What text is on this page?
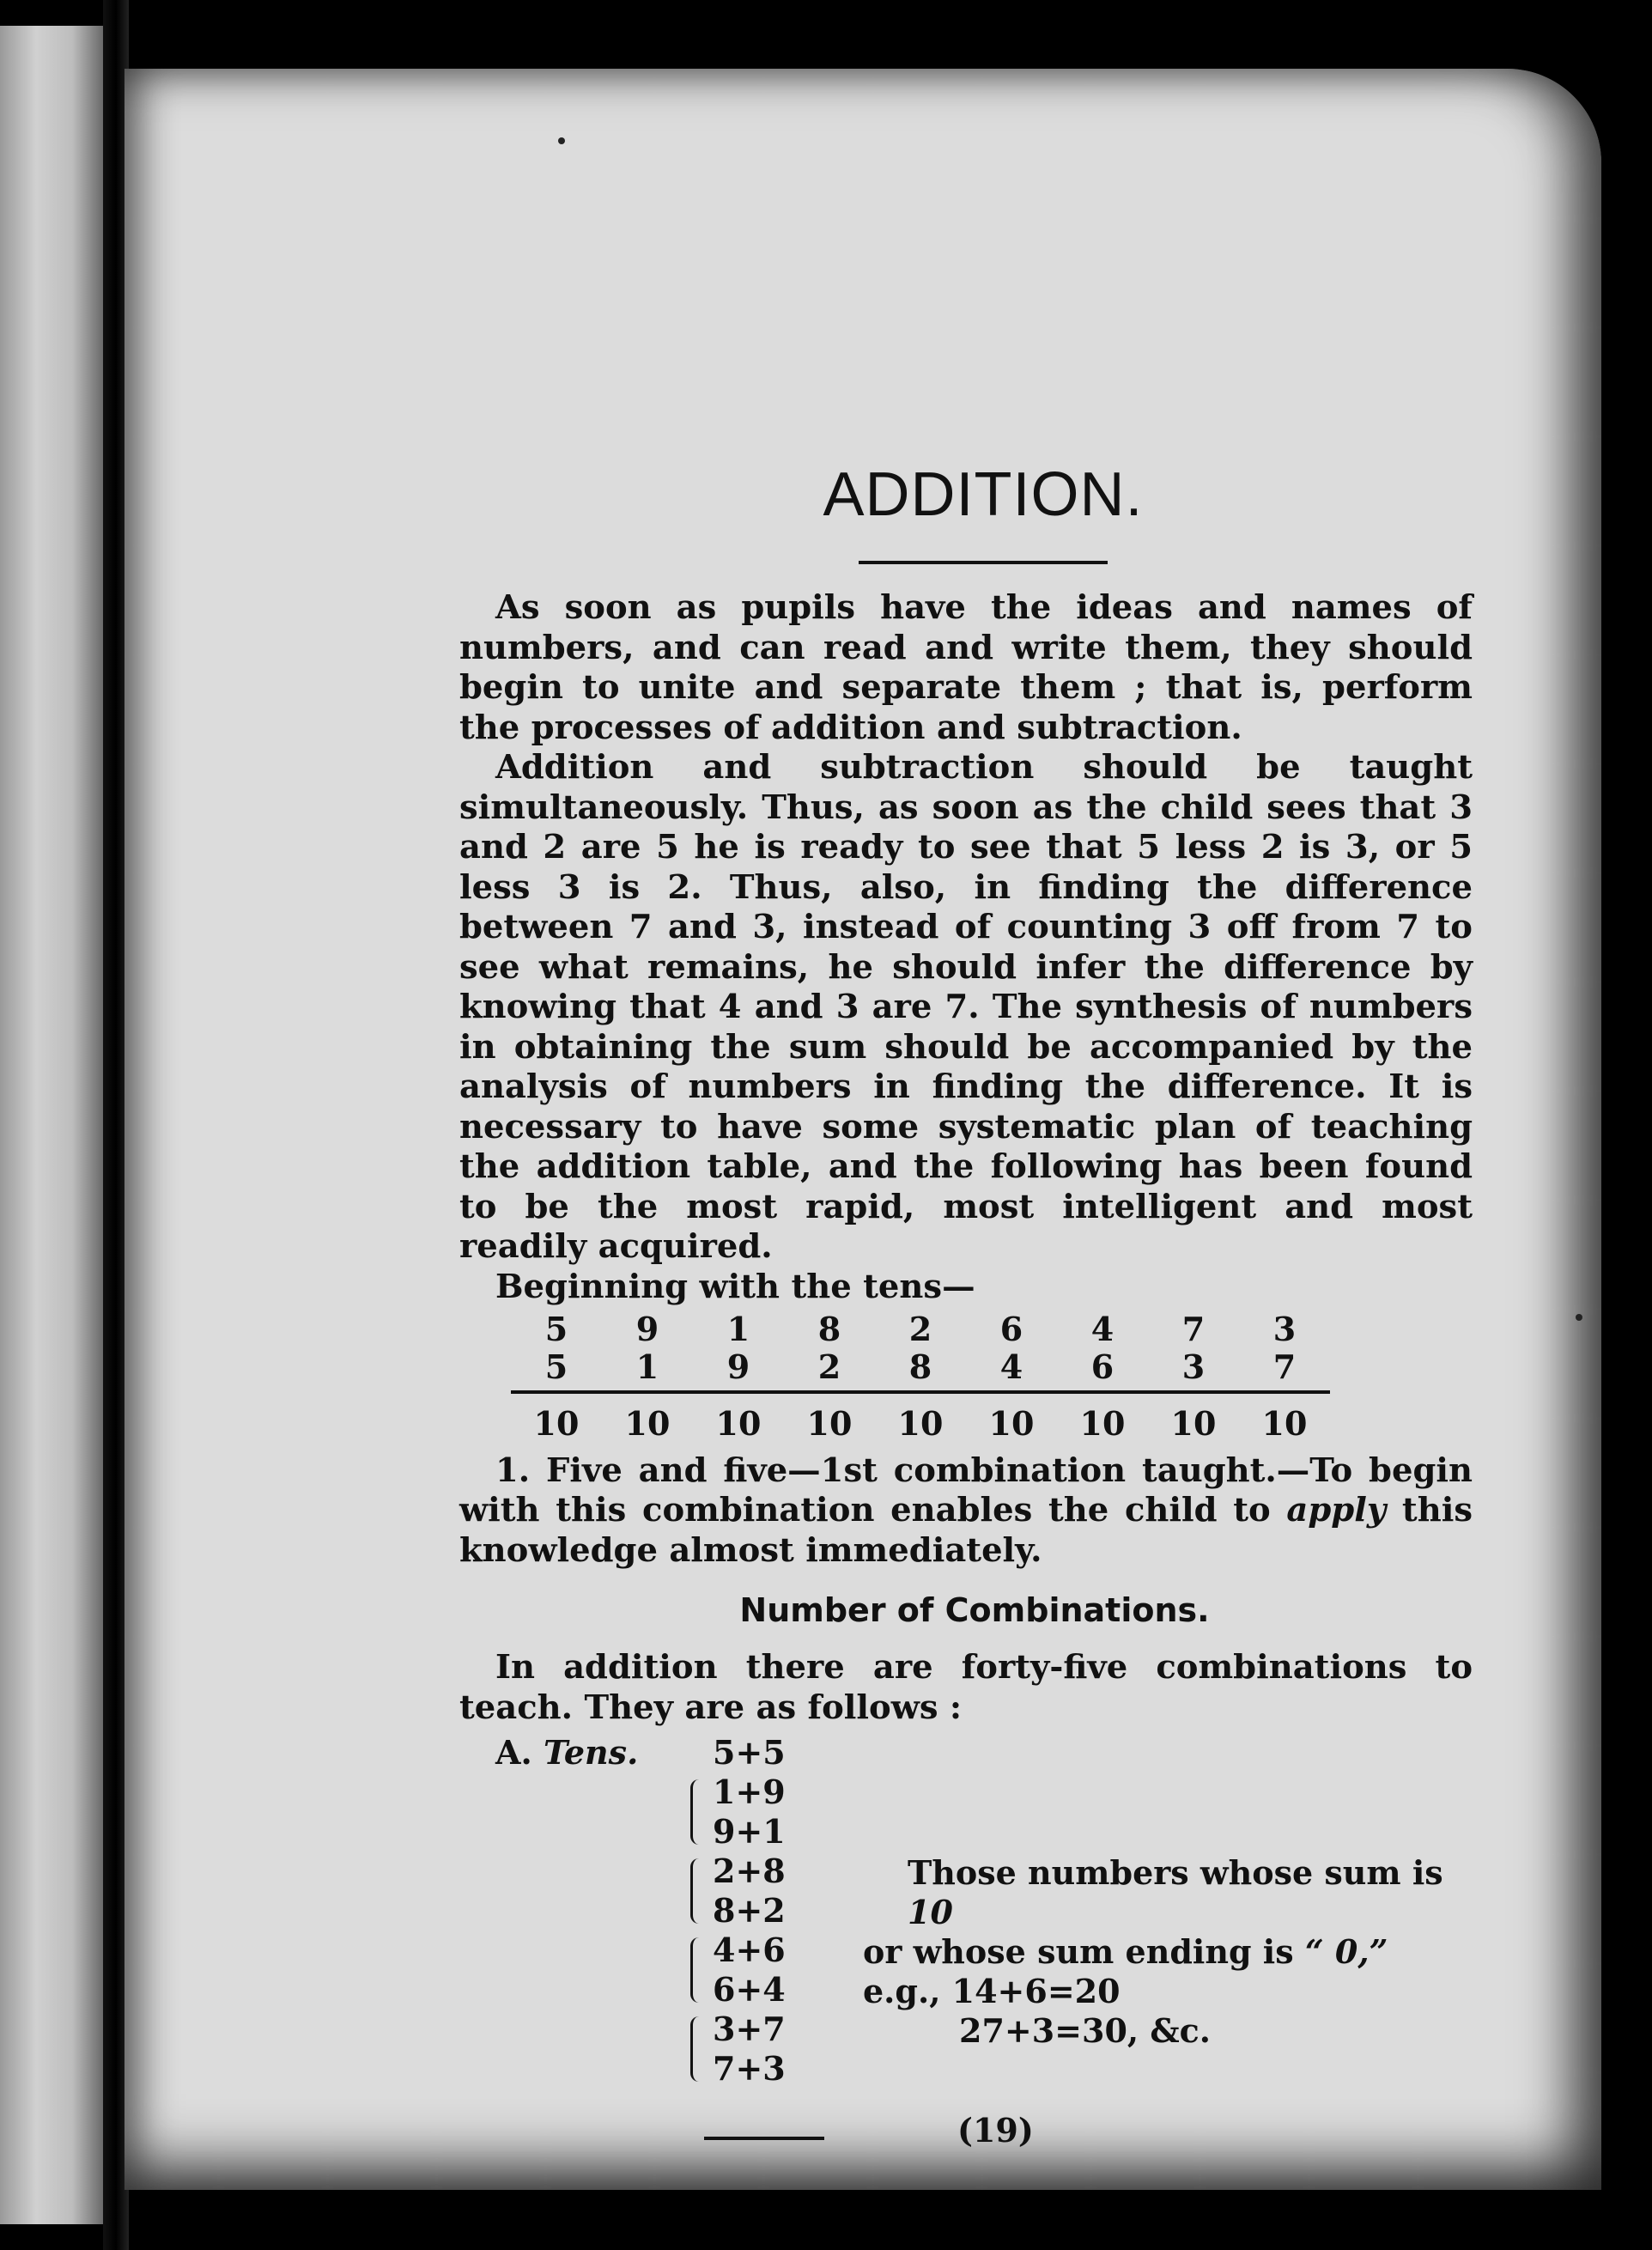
ADDITION.

As soon as pupils have the ideas and names of numbers, and can read and write them, they should begin to unite and separate them ; that is, perform the processes of addition and subtraction.

Addition and subtraction should be taught simultaneously. Thus, as soon as the child sees that 3 and 2 are 5 he is ready to see that 5 less 2 is 3, or 5 less 3 is 2. Thus, also, in finding the difference between 7 and 3, instead of counting 3 off from 7 to see what remains, he should infer the difference by knowing that 4 and 3 are 7. The synthesis of numbers in obtaining the sum should be accompanied by the analysis of numbers in finding the difference. It is necessary to have some systematic plan of teaching the addition table, and the following has been found to be the most rapid, most intelligent and most readily acquired.

Beginning with the tens—

5	9	1	8	2	6	4	7	3
5	1	9	2	8	4	6	3	7

10	10	10	10	10	10	10	10	10

1. Five and five—1st combination taught.—To begin with this combination enables the child to apply this knowledge almost immediately.

Number of Combinations.

In addition there are forty-five combinations to teach. They are as follows :

A. Tens. 5+5
1+9
9+1
2+8
8+2
4+6
6+4
3+7
7+3
Those numbers whose sum is 10
or whose sum ending is “ 0,”
e.g., 14+6=20
27+3=30, &c.
(19)
